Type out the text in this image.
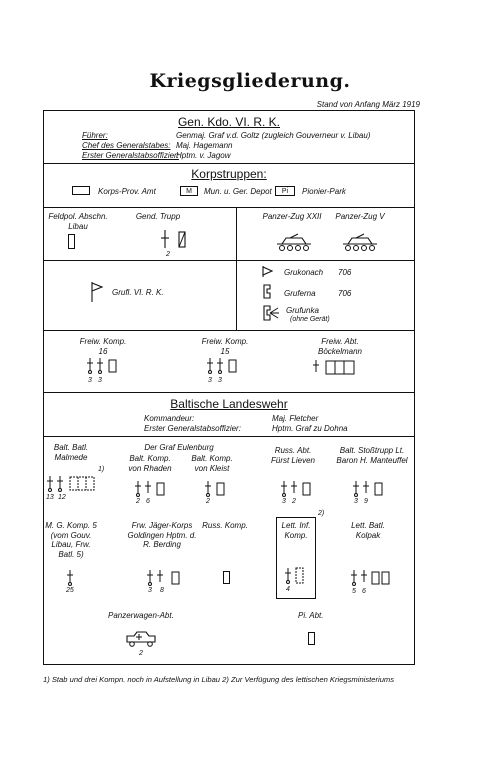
Kriegsgliederung.
Stand von Anfang März 1919
Gen. Kdo. VI. R. K.
Führer:	Genmaj. Graf v.d. Goltz (zugleich Gouverneur v. Libau)
Chef des Generalstabes: Maj. Hagemann
Erster Generalstabsoffizier:
Hptm. v. Jagow
Korpstruppen:
Korps-Prov. Amt	M	Mun. u. Ger. Depot	Pi	Pionier-Park
Feldpol. Abschn. Libau
Gend. Trupp
2
Panzer-Zug XXII	Panzer-Zug V
Grufl. VI. R. K.
Grukonach 706
Gruferna	706
Grufunka
(ohne Gerät)
Freiw. Komp. 16
3 3
Freiw. Komp. 15
3 3
Freiw. Abt. Böckelmann
Baltische Landeswehr
Kommandeur:	Maj. Fletcher
Erster Generalstabsoffizier:	Hptm. Graf zu Dohna
Balt. Batl. Malmede
1)
13 12
Der Graf Eulenburg
Balt. Komp. von Rhaden
2 6
Balt. Komp. von Kleist
2
Russ. Abt. Fürst Lieven
3 2
Balt. Stoßtrupp Lt. Baron H. Manteuffel
3 9
M. G. Komp. 5 (vom Gouv. Libau, Frw. Batl. 5)
25
Frw. Jäger-Korps Goldingen Hptm. d. R. Berding
3 8
Russ. Komp.
2)
Lett. Inf. Komp.
4
Lett. Batl. Kolpak
5 6
Panzerwagen-Abt.
2
Pi. Abt.
1) Stab und drei Kompn. noch in Aufstellung in Libau 2) Zur Verfügung des lettischen Kriegsministeriums
